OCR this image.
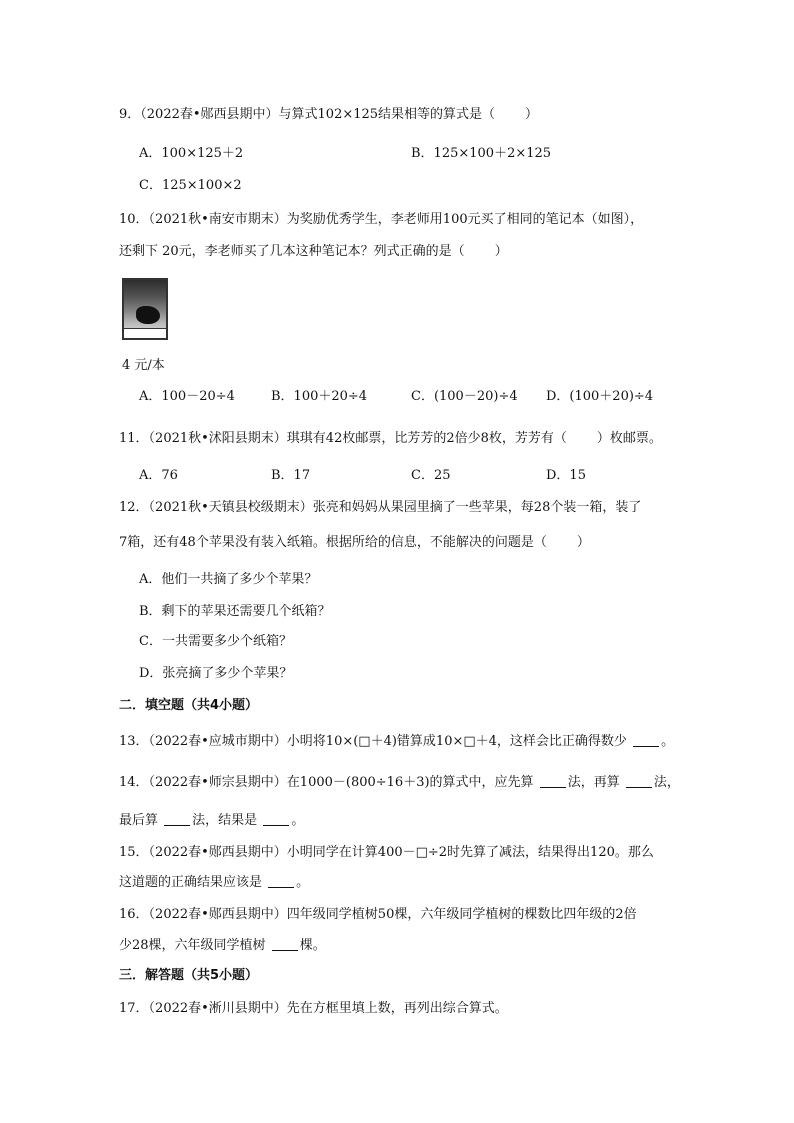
9．（2022春•郧西县期中）与算式102×125结果相等的算式是（ ）
A．100×125＋2	B．125×100＋2×125
C．125×100×2
10．（2021秋•南安市期末）为奖励优秀学生，李老师用100元买了相同的笔记本（如图），
还剩下 20元，李老师买了几本这种笔记本？列式正确的是（ ）
4 元/本
A．100－20÷4	B．100＋20÷4	C．(100－20)÷4 D．(100＋20)÷4
11．（2021秋•沭阳县期末）琪琪有42枚邮票，比芳芳的2倍少8枚，芳芳有（ ）枚邮票。
A．76	B．17	C．25	D．15
12．（2021秋•天镇县校级期末）张亮和妈妈从果园里摘了一些苹果，每28个装一箱，装了
7箱，还有48个苹果没有装入纸箱。根据所给的信息，不能解决的问题是（ ）
A．他们一共摘了多少个苹果？
B．剩下的苹果还需要几个纸箱？
C．一共需要多少个纸箱？
D．张亮摘了多少个苹果？
二．填空题（共4小题）
13．（2022春•应城市期中）小明将10×(□＋4)错算成10×□＋4，这样会比正确得数少	。
14．（2022春•师宗县期中）在1000－(800÷16＋3)的算式中，应先算	法，再算	法，
最后算	法，结果是	。
15．（2022春•郧西县期中）小明同学在计算400－□÷2时先算了减法，结果得出120。那么
这道题的正确结果应该是	。
16．（2022春•郧西县期中）四年级同学植树50棵，六年级同学植树的棵数比四年级的2倍
少28棵，六年级同学植树	棵。
三．解答题（共5小题）
17．（2022春•淅川县期中）先在方框里填上数，再列出综合算式。
